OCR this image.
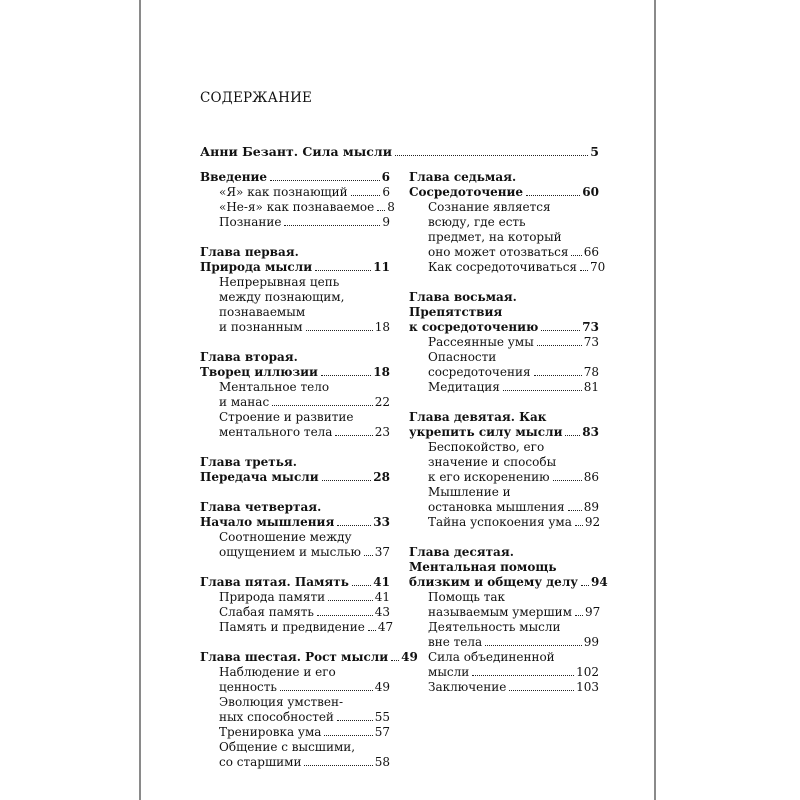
СОДЕРЖАНИЕ
Анни Безант. Сила мысли	5
Введение	6
«Я» как познающий	6
«Не-я» как познаваемое 8
Познание	9
Глава первая.
Природа мысли	11
Непрерывная цепь
между познающим,
познаваемым
и познанным	18
Глава вторая.
Творец иллюзии	18
Ментальное тело
и манас	22
Строение и развитие
ментального тела	23
Глава третья.
Передача мысли	28
Глава четвертая.
Начало мышления	33
Соотношение между
ощущением и мыслью 37
Глава пятая. Память 41
Природа памяти	41
Слабая память	43
Память и предвидение 47
Глава шестая. Рост мысли 49
Наблюдение и его
ценность	49
Эволюция умствен-
ных способностей	55
Тренировка ума	57
Общение с высшими,
со старшими	58
Глава седьмая.
Сосредоточение	60
Сознание является
всюду, где есть
предмет, на который
оно может отозваться 66
Как сосредоточиваться 70
Глава восьмая.
Препятствия
к сосредоточению	73
Рассеянные умы	73
Опасности
сосредоточения	78
Медитация	81
Глава девятая. Как
укрепить силу мысли 83
Беспокойство, его
значение и способы
к его искоренению	86
Мышление и
остановка мышления 89
Тайна успокоения ума 92
Глава десятая.
Ментальная помощь
близким и общему делу 94
Помощь так
называемым умершим 97
Деятельность мысли
вне тела	99
Сила объединенной
мысли	102
Заключение	103
